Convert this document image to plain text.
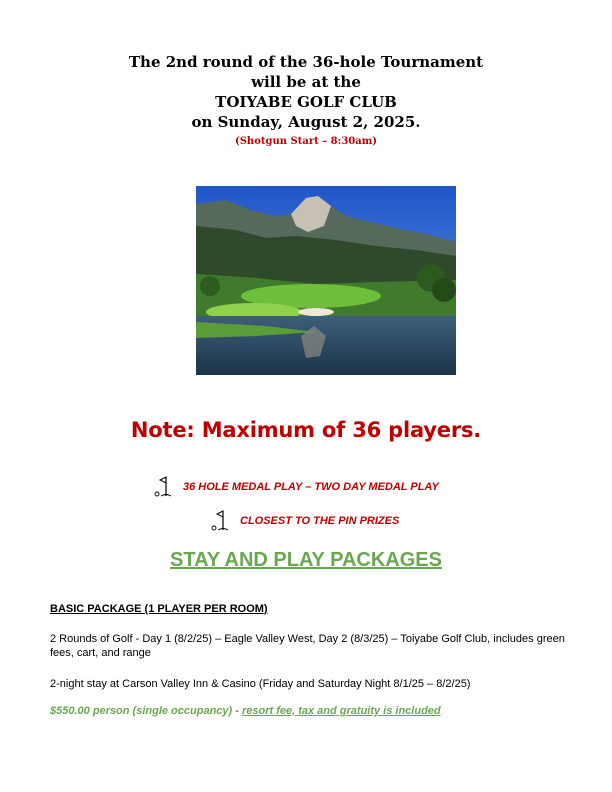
The 2nd round of the 36-hole Tournament
will be at the
TOIYABE GOLF CLUB
on Sunday, August 2, 2025.
(Shotgun Start – 8:30am)
Note: Maximum of 36 players.
36 HOLE MEDAL PLAY – TWO DAY MEDAL PLAY
CLOSEST TO THE PIN PRIZES
STAY AND PLAY PACKAGES
BASIC PACKAGE (1 PLAYER PER ROOM)
2 Rounds of Golf - Day 1 (8/2/25) – Eagle Valley West, Day 2 (8/3/25) – Toiyabe Golf Club, includes green fees, cart, and range
2-night stay at Carson Valley Inn & Casino (Friday and Saturday Night 8/1/25 – 8/2/25)
$550.00 person (single occupancy) - resort fee, tax and gratuity is included
